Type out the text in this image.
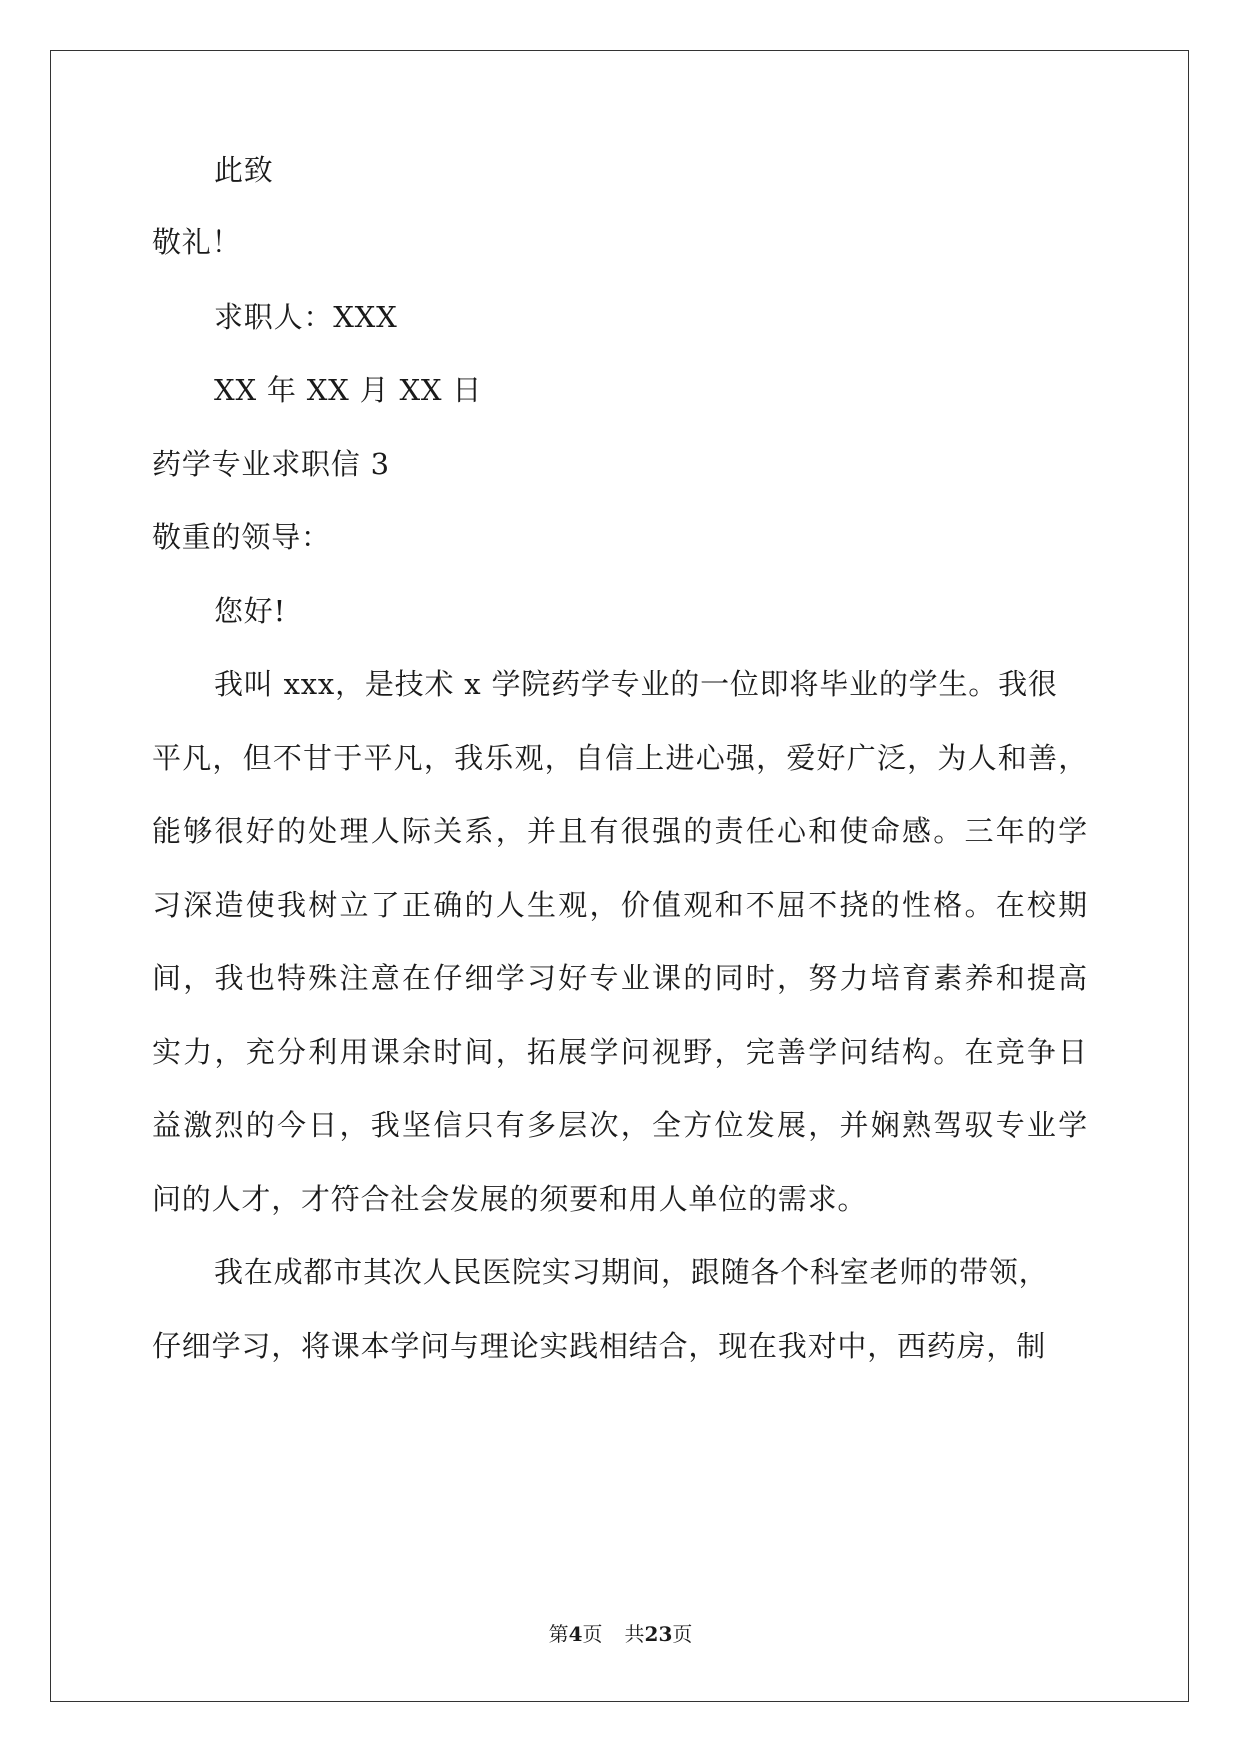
此致
敬礼！
求职人：XXX
XX 年 XX 月 XX 日
药学专业求职信 3
敬重的领导：
您好!
我叫 xxx，是技术 x 学院药学专业的一位即将毕业的学生。我很
平凡，但不甘于平凡，我乐观，自信上进心强，爱好广泛，为人和善，
能够很好的处理人际关系，并且有很强的责任心和使命感。三年的学
习深造使我树立了正确的人生观，价值观和不屈不挠的性格。在校期
间，我也特殊注意在仔细学习好专业课的同时，努力培育素养和提高
实力，充分利用课余时间，拓展学问视野，完善学问结构。在竞争日
益激烈的今日，我坚信只有多层次，全方位发展，并娴熟驾驭专业学
问的人才，才符合社会发展的须要和用人单位的需求。
我在成都市其次人民医院实习期间，跟随各个科室老师的带领，
仔细学习，将课本学问与理论实践相结合，现在我对中，西药房，制
第4页 共23页
